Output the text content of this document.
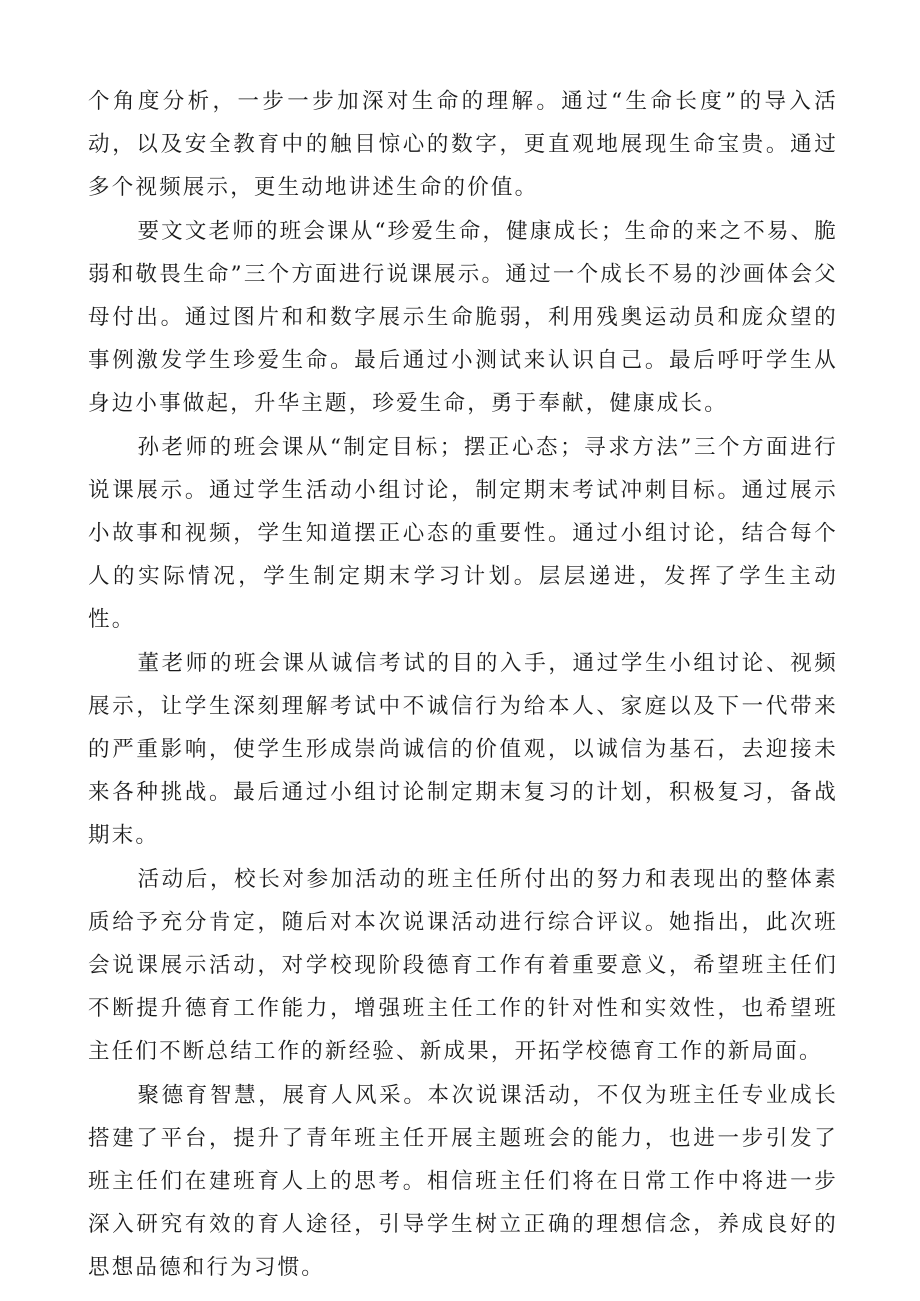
个角度分析，一步一步加深对生命的理解。通过“生命长度”的导入活动，以及安全教育中的触目惊心的数字，更直观地展现生命宝贵。通过多个视频展示，更生动地讲述生命的价值。

要文文老师的班会课从“珍爱生命，健康成长；生命的来之不易、脆弱和敬畏生命”三个方面进行说课展示。通过一个成长不易的沙画体会父母付出。通过图片和和数字展示生命脆弱，利用残奥运动员和庞众望的事例激发学生珍爱生命。最后通过小测试来认识自己。最后呼吁学生从身边小事做起，升华主题，珍爱生命，勇于奉献，健康成长。

孙老师的班会课从“制定目标；摆正心态；寻求方法”三个方面进行说课展示。通过学生活动小组讨论，制定期末考试冲刺目标。通过展示小故事和视频，学生知道摆正心态的重要性。通过小组讨论，结合每个人的实际情况，学生制定期末学习计划。层层递进，发挥了学生主动性。

董老师的班会课从诚信考试的目的入手，通过学生小组讨论、视频展示，让学生深刻理解考试中不诚信行为给本人、家庭以及下一代带来的严重影响，使学生形成崇尚诚信的价值观，以诚信为基石，去迎接未来各种挑战。最后通过小组讨论制定期末复习的计划，积极复习，备战期末。

活动后，校长对参加活动的班主任所付出的努力和表现出的整体素质给予充分肯定，随后对本次说课活动进行综合评议。她指出，此次班会说课展示活动，对学校现阶段德育工作有着重要意义，希望班主任们不断提升德育工作能力，增强班主任工作的针对性和实效性，也希望班主任们不断总结工作的新经验、新成果，开拓学校德育工作的新局面。

聚德育智慧，展育人风采。本次说课活动，不仅为班主任专业成长搭建了平台，提升了青年班主任开展主题班会的能力，也进一步引发了班主任们在建班育人上的思考。相信班主任们将在日常工作中将进一步深入研究有效的育人途径，引导学生树立正确的理想信念，养成良好的思想品德和行为习惯。
